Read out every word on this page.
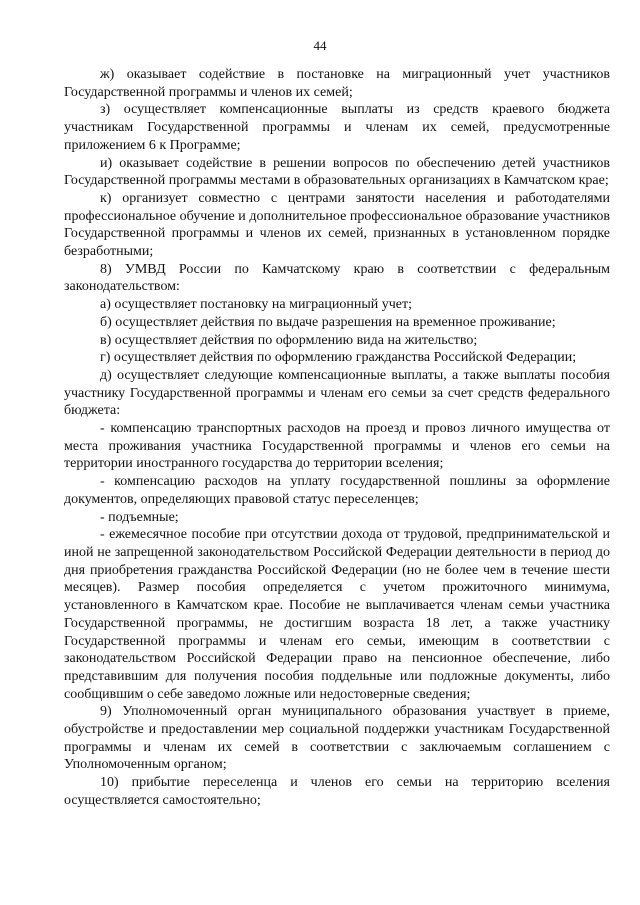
44

ж) оказывает содействие в постановке на миграционный учет участников Государственной программы и членов их семей;

з) осуществляет компенсационные выплаты из средств краевого бюджета участникам Государственной программы и членам их семей, предусмотренные приложением 6 к Программе;

и) оказывает содействие в решении вопросов по обеспечению детей участников Государственной программы местами в образовательных организациях в Камчатском крае;

к) организует совместно с центрами занятости населения и работодателями профессиональное обучение и дополнительное профессиональное образование участников Государственной программы и членов их семей, признанных в установленном порядке безработными;

8) УМВД России по Камчатскому краю в соответствии с федеральным законодательством:

а) осуществляет постановку на миграционный учет;

б) осуществляет действия по выдаче разрешения на временное проживание;

в) осуществляет действия по оформлению вида на жительство;

г) осуществляет действия по оформлению гражданства Российской Федерации;

д) осуществляет следующие компенсационные выплаты, а также выплаты пособия участнику Государственной программы и членам его семьи за счет средств федерального бюджета:

- компенсацию транспортных расходов на проезд и провоз личного имущества от места проживания участника Государственной программы и членов его семьи на территории иностранного государства до территории вселения;

- компенсацию расходов на уплату государственной пошлины за оформление документов, определяющих правовой статус переселенцев;

- подъемные;

- ежемесячное пособие при отсутствии дохода от трудовой, предпринимательской и иной не запрещенной законодательством Российской Федерации деятельности в период до дня приобретения гражданства Российской Федерации (но не более чем в течение шести месяцев). Размер пособия определяется с учетом прожиточного минимума, установленного в Камчатском крае. Пособие не выплачивается членам семьи участника Государственной программы, не достигшим возраста 18 лет, а также участнику Государственной программы и членам его семьи, имеющим в соответствии с законодательством Российской Федерации право на пенсионное обеспечение, либо представившим для получения пособия поддельные или подложные документы, либо сообщившим о себе заведомо ложные или недостоверные сведения;

9) Уполномоченный орган муниципального образования участвует в приеме, обустройстве и предоставлении мер социальной поддержки участникам Государственной программы и членам их семей в соответствии с заключаемым соглашением с Уполномоченным органом;

10) прибытие переселенца и членов его семьи на территорию вселения осуществляется самостоятельно;
